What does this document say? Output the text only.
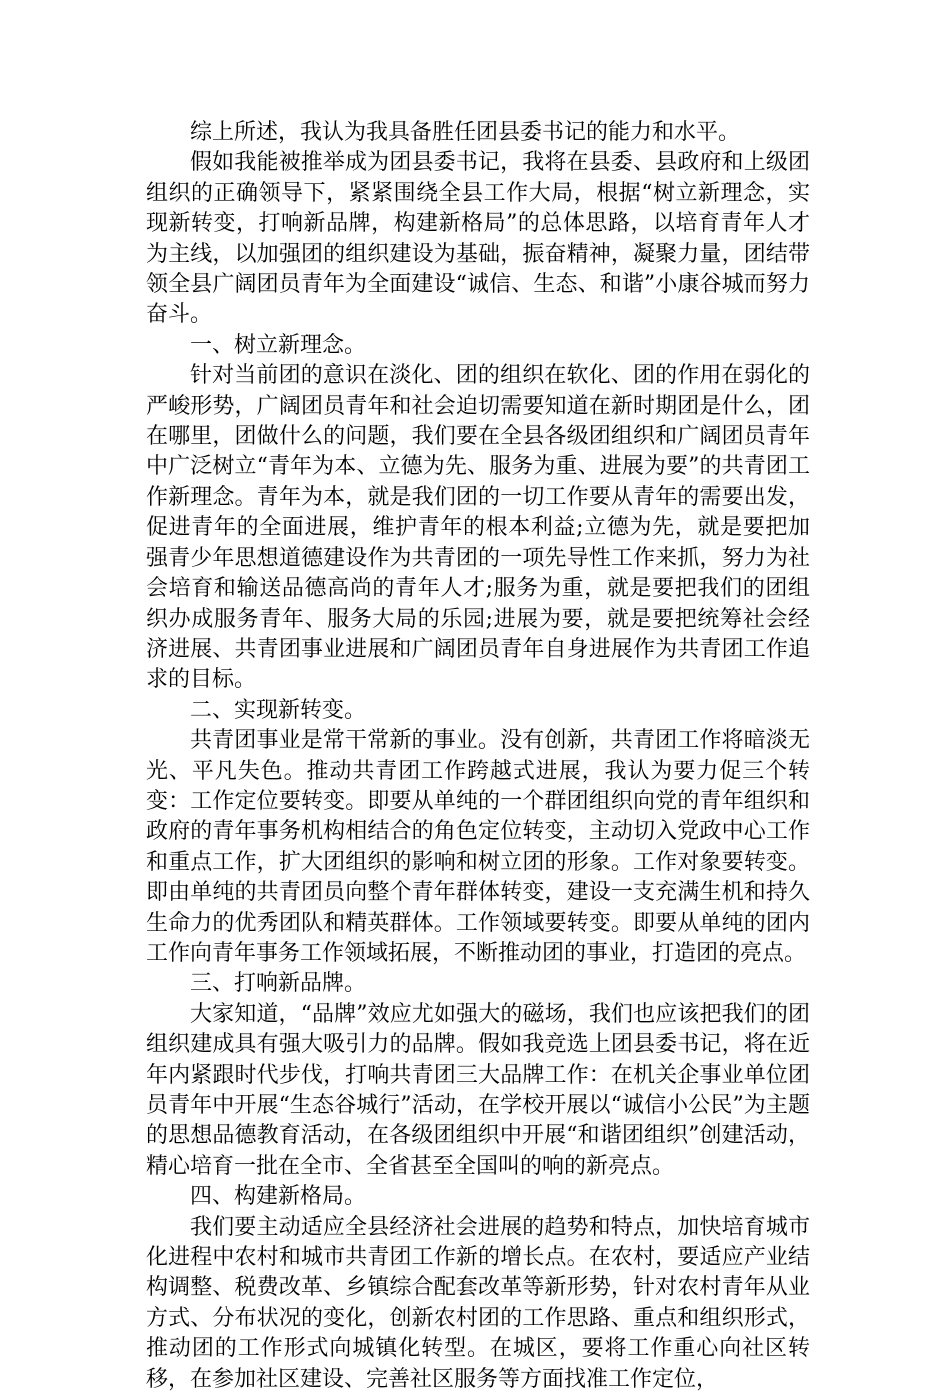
综上所述，我认为我具备胜任团县委书记的能力和水平。

假如我能被推举成为团县委书记，我将在县委、县政府和上级团组织的正确领导下，紧紧围绕全县工作大局，根据“树立新理念，实现新转变，打响新品牌，构建新格局”的总体思路，以培育青年人才为主线，以加强团的组织建设为基础，振奋精神，凝聚力量，团结带领全县广阔团员青年为全面建设“诚信、生态、和谐”小康谷城而努力奋斗。

一、树立新理念。

针对当前团的意识在淡化、团的组织在软化、团的作用在弱化的严峻形势，广阔团员青年和社会迫切需要知道在新时期团是什么，团在哪里，团做什么的问题，我们要在全县各级团组织和广阔团员青年中广泛树立“青年为本、立德为先、服务为重、进展为要”的共青团工作新理念。青年为本，就是我们团的一切工作要从青年的需要出发，促进青年的全面进展，维护青年的根本利益;立德为先，就是要把加强青少年思想道德建设作为共青团的一项先导性工作来抓，努力为社会培育和输送品德高尚的青年人才;服务为重，就是要把我们的团组织办成服务青年、服务大局的乐园;进展为要，就是要把统筹社会经济进展、共青团事业进展和广阔团员青年自身进展作为共青团工作追求的目标。

二、实现新转变。

共青团事业是常干常新的事业。没有创新，共青团工作将暗淡无光、平凡失色。推动共青团工作跨越式进展，我认为要力促三个转变：工作定位要转变。即要从单纯的一个群团组织向党的青年组织和政府的青年事务机构相结合的角色定位转变，主动切入党政中心工作和重点工作，扩大团组织的影响和树立团的形象。工作对象要转变。即由单纯的共青团员向整个青年群体转变，建设一支充满生机和持久生命力的优秀团队和精英群体。工作领域要转变。即要从单纯的团内工作向青年事务工作领域拓展，不断推动团的事业，打造团的亮点。

三、打响新品牌。

大家知道，“品牌”效应尤如强大的磁场，我们也应该把我们的团组织建成具有强大吸引力的品牌。假如我竞选上团县委书记，将在近年内紧跟时代步伐，打响共青团三大品牌工作：在机关企事业单位团员青年中开展“生态谷城行”活动，在学校开展以“诚信小公民”为主题的思想品德教育活动，在各级团组织中开展“和谐团组织”创建活动，精心培育一批在全市、全省甚至全国叫的响的新亮点。

四、构建新格局。

我们要主动适应全县经济社会进展的趋势和特点，加快培育城市化进程中农村和城市共青团工作新的增长点。在农村，要适应产业结构调整、税费改革、乡镇综合配套改革等新形势，针对农村青年从业方式、分布状况的变化，创新农村团的工作思路、重点和组织形式，推动团的工作形式向城镇化转型。在城区，要将工作重心向社区转移，在参加社区建设、完善社区服务等方面找准工作定位，
